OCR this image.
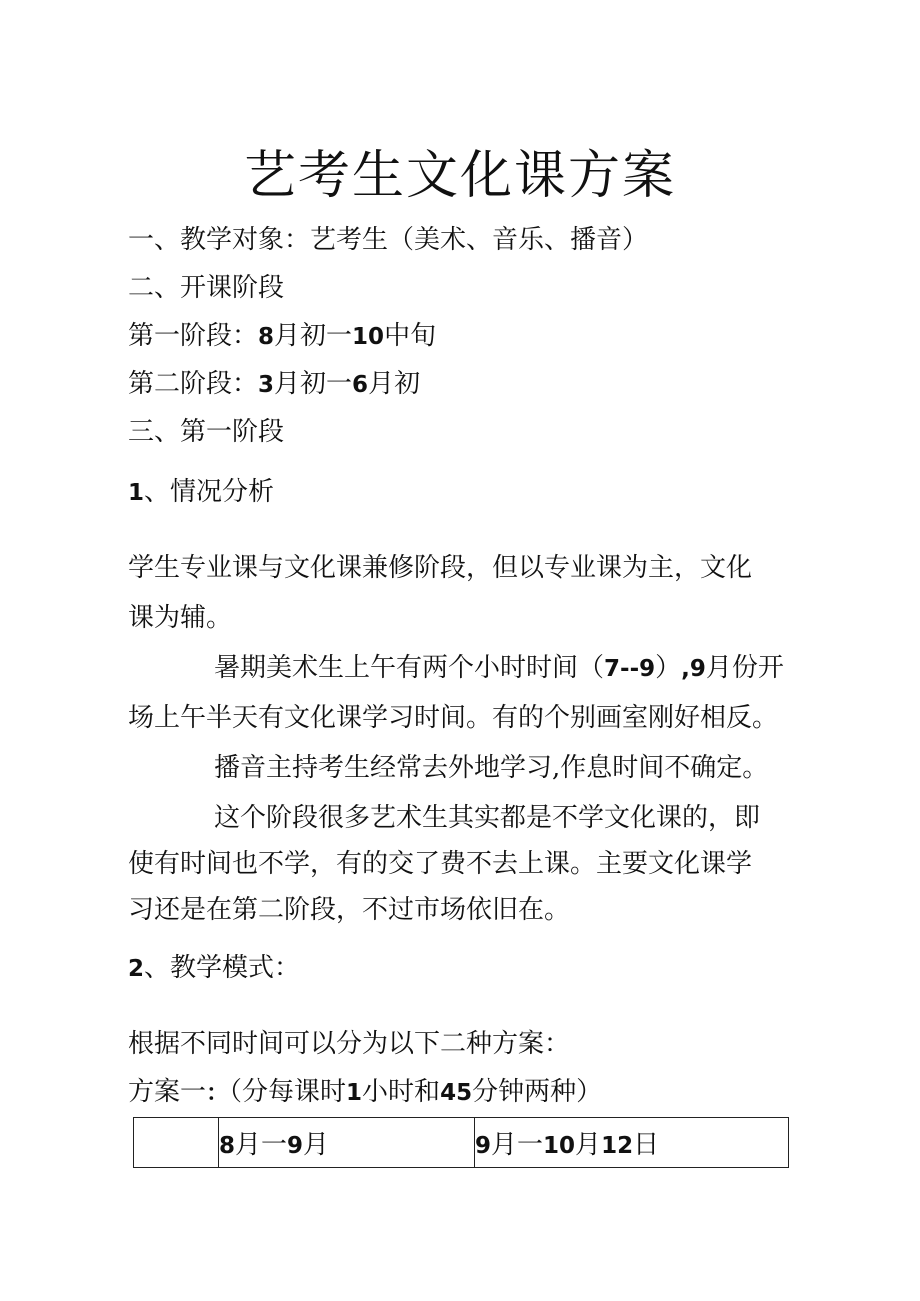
艺考生文化课方案
一、教学对象：艺考生（美术、音乐、播音）
二、开课阶段
第一阶段：8月初一10中旬
第二阶段：3月初一6月初
三、第一阶段
1、情况分析
学生专业课与文化课兼修阶段，但以专业课为主，文化
课为辅。
暑期美术生上午有两个小时时间（7--9）,9月份开
场上午半天有文化课学习时间。有的个别画室刚好相反。
播音主持考生经常去外地学习,作息时间不确定。
这个阶段很多艺术生其实都是不学文化课的，即
使有时间也不学，有的交了费不去上课。主要文化课学
习还是在第二阶段，不过市场依旧在。
2、教学模式：
根据不同时间可以分为以下二种方案：
方案一：（分每课时1小时和45分钟两种）
	8月一9月	9月一10月12日
